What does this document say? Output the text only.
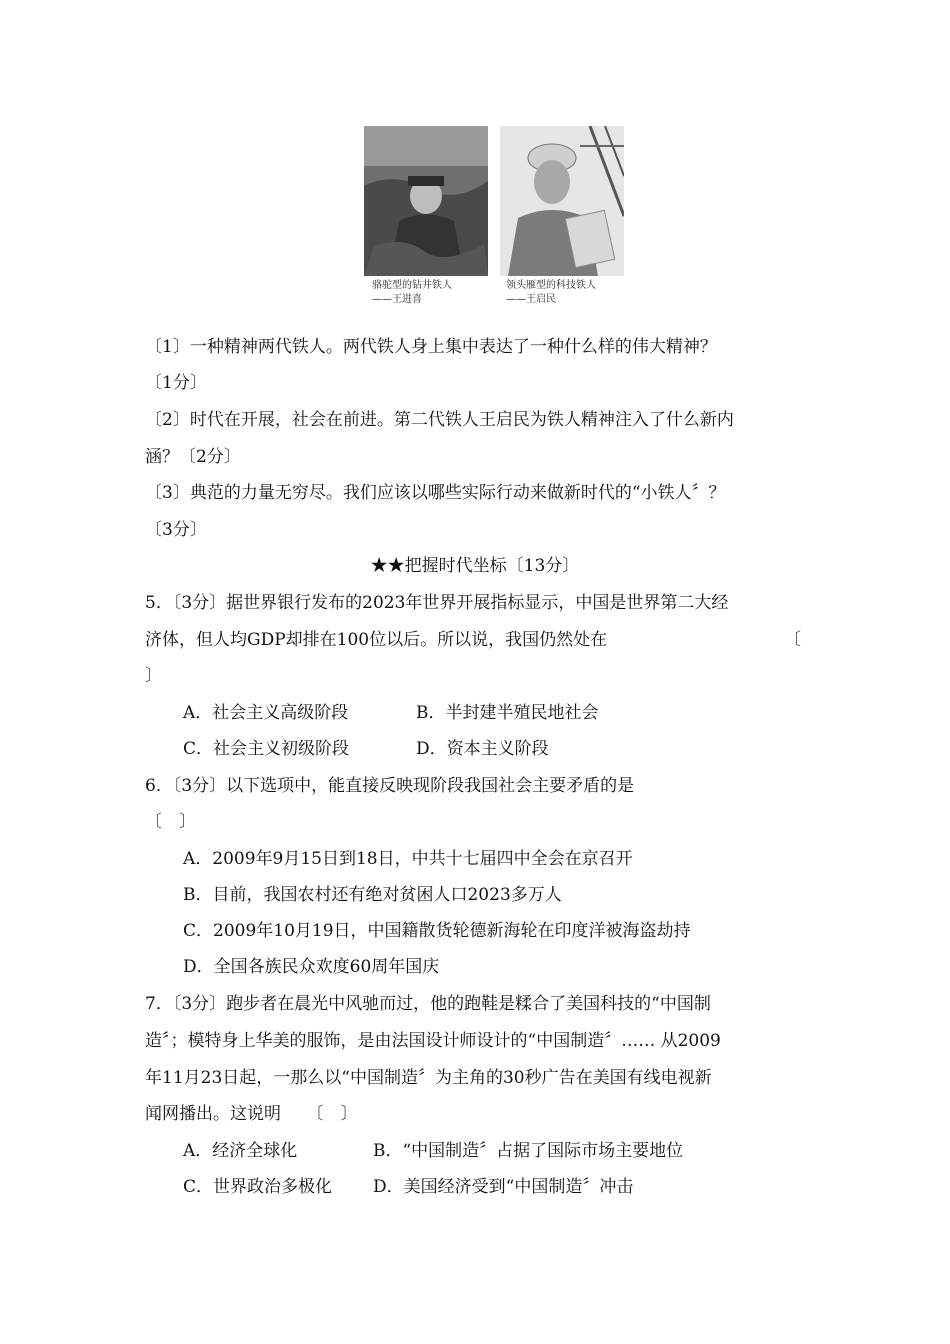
骆驼型的钻井铁人
——王进喜
领头雁型的科技铁人
——王启民
〔1〕一种精神两代铁人。两代铁人身上集中表达了一种什么样的伟大精神？
〔1分〕
〔2〕时代在开展，社会在前进。第二代铁人王启民为铁人精神注入了什么新内
涵？〔2分〕
〔3〕典范的力量无穷尽。我们应该以哪些实际行动来做新时代的“小铁人〞？
〔3分〕
★★把握时代坐标〔13分〕
5．〔3分〕据世界银行发布的2023年世界开展指标显示，中国是世界第二大经
济体，但人均GDP却排在100位以后。所以说，我国仍然处在	〔
〕
A．社会主义高级阶段	B．半封建半殖民地社会
C．社会主义初级阶段	D．资本主义阶段
6．〔3分〕以下选项中，能直接反映现阶段我国社会主要矛盾的是
〔　〕
A．2009年9月15日到18日，中共十七届四中全会在京召开
B．目前，我国农村还有绝对贫困人口2023多万人
C．2009年10月19日，中国籍散货轮德新海轮在印度洋被海盗劫持
D．全国各族民众欢度60周年国庆
7．〔3分〕跑步者在晨光中风驰而过，他的跑鞋是糅合了美国科技的“中国制
造〞；模特身上华美的服饰，是由法国设计师设计的“中国制造〞…… 从2009
年11月23日起，一那么以“中国制造〞为主角的30秒广告在美国有线电视新
闻网播出。这说明　　〔　〕
A．经济全球化	B．“中国制造〞占据了国际市场主要地位
C．世界政治多极化 D．美国经济受到“中国制造〞冲击
